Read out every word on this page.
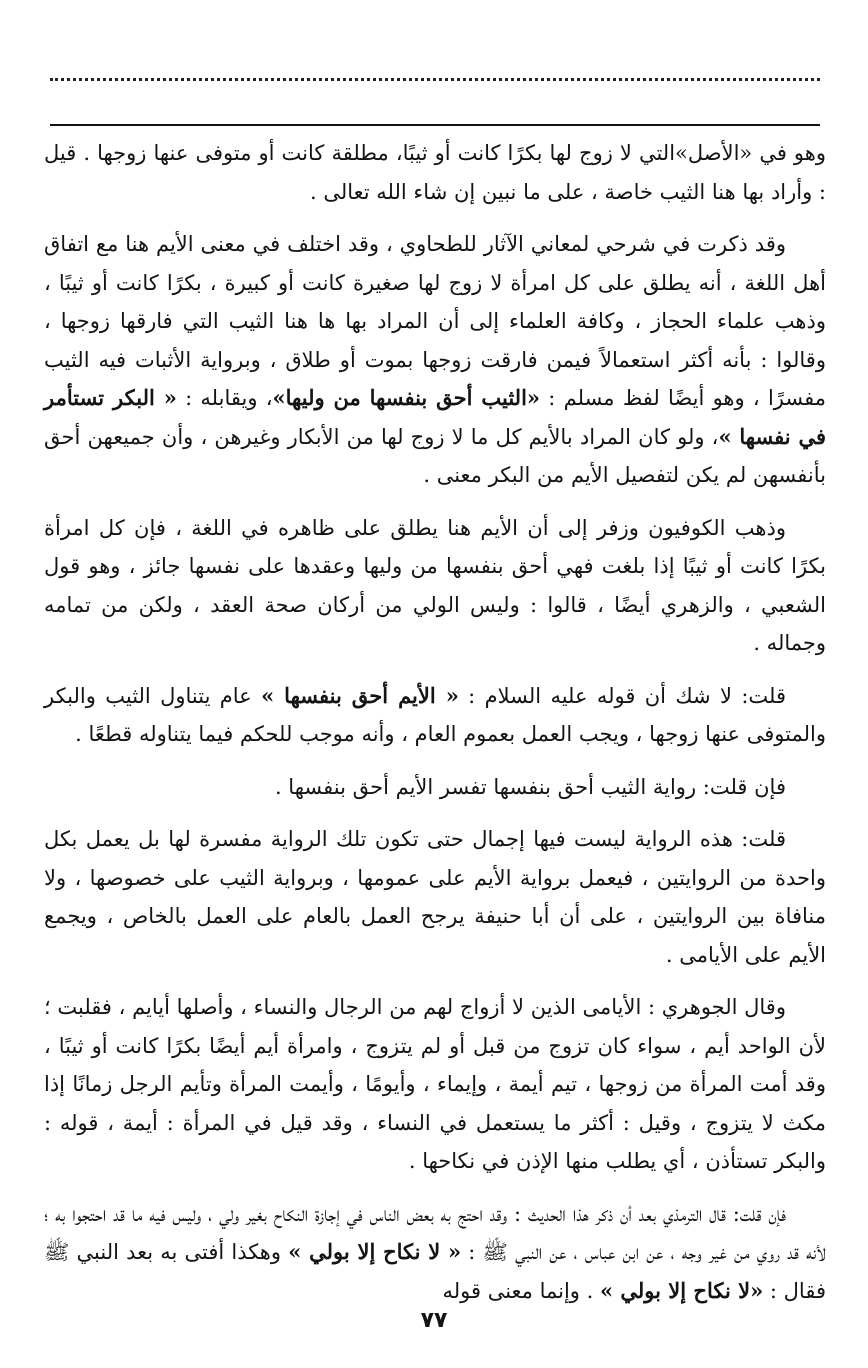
وهو في «الأصل»التي لا زوج لها بكرًا كانت أو ثيبًا، مطلقة كانت أو متوفى عنها زوجها . قيل : وأراد بها هنا الثيب خاصة ، على ما نبين إن شاء الله تعالى .

وقد ذكرت في شرحي لمعاني الآثار للطحاوي ، وقد اختلف في معنى الأيم هنا مع اتفاق أهل اللغة ، أنه يطلق على كل امرأة لا زوج لها صغيرة كانت أو كبيرة ، بكرًا كانت أو ثيبًا ، وذهب علماء الحجاز ، وكافة العلماء إلى أن المراد بها ها هنا الثيب التي فارقها زوجها ، وقالوا : بأنه أكثر استعمالاً فيمن فارقت زوجها بموت أو طلاق ، وبرواية الأثبات فيه الثيب مفسرًا ، وهو أيضًا لفظ مسلم : «الثيب أحق بنفسها من وليها»، ويقابله : « البكر تستأمر في نفسها »، ولو كان المراد بالأيم كل ما لا زوج لها من الأبكار وغيرهن ، وأن جميعهن أحق بأنفسهن لم يكن لتفصيل الأيم من البكر معنى .

وذهب الكوفيون وزفر إلى أن الأيم هنا يطلق على ظاهره في اللغة ، فإن كل امرأة بكرًا كانت أو ثيبًا إذا بلغت فهي أحق بنفسها من وليها وعقدها على نفسها جائز ، وهو قول الشعبي ، والزهري أيضًا ، قالوا : وليس الولي من أركان صحة العقد ، ولكن من تمامه وجماله .

قلت: لا شك أن قوله عليه السلام : « الأيم أحق بنفسها » عام يتناول الثيب والبكر والمتوفى عنها زوجها ، ويجب العمل بعموم العام ، وأنه موجب للحكم فيما يتناوله قطعًا .

فإن قلت: رواية الثيب أحق بنفسها تفسر الأيم أحق بنفسها .

قلت: هذه الرواية ليست فيها إجمال حتى تكون تلك الرواية مفسرة لها بل يعمل بكل واحدة من الروايتين ، فيعمل برواية الأيم على عمومها ، وبرواية الثيب على خصوصها ، ولا منافاة بين الروايتين ، على أن أبا حنيفة يرجح العمل بالعام على العمل بالخاص ، ويجمع الأيم على الأيامى .

وقال الجوهري : الأيامى الذين لا أزواج لهم من الرجال والنساء ، وأصلها أيايم ، فقلبت ؛ لأن الواحد أيم ، سواء كان تزوج من قبل أو لم يتزوج ، وامرأة أيم أيضًا بكرًا كانت أو ثيبًا ، وقد أمت المرأة من زوجها ، تيم أيمة ، وإيماء ، وأيومًا ، وأيمت المرأة وتأيم الرجل زمانًا إذا مكث لا يتزوج ، وقيل : أكثر ما يستعمل في النساء ، وقد قيل في المرأة : أيمة ، قوله : والبكر تستأذن ، أي يطلب منها الإذن في نكاحها .

فإن قلت: قال الترمذي بعد أن ذكر هذا الحديث : وقد احتج به بعض الناس في إجازة النكاح بغير ولي ، وليس فيه ما قد احتجوا به ؛ لأنه قد روي من غير وجه ، عن ابن عباس ، عن النبي ﷺ : « لا نكاح إلا بولي » وهكذا أفتى به بعد النبي ﷺ فقال : «لا نكاح إلا بولي » . وإنما معنى قوله

٧٧
